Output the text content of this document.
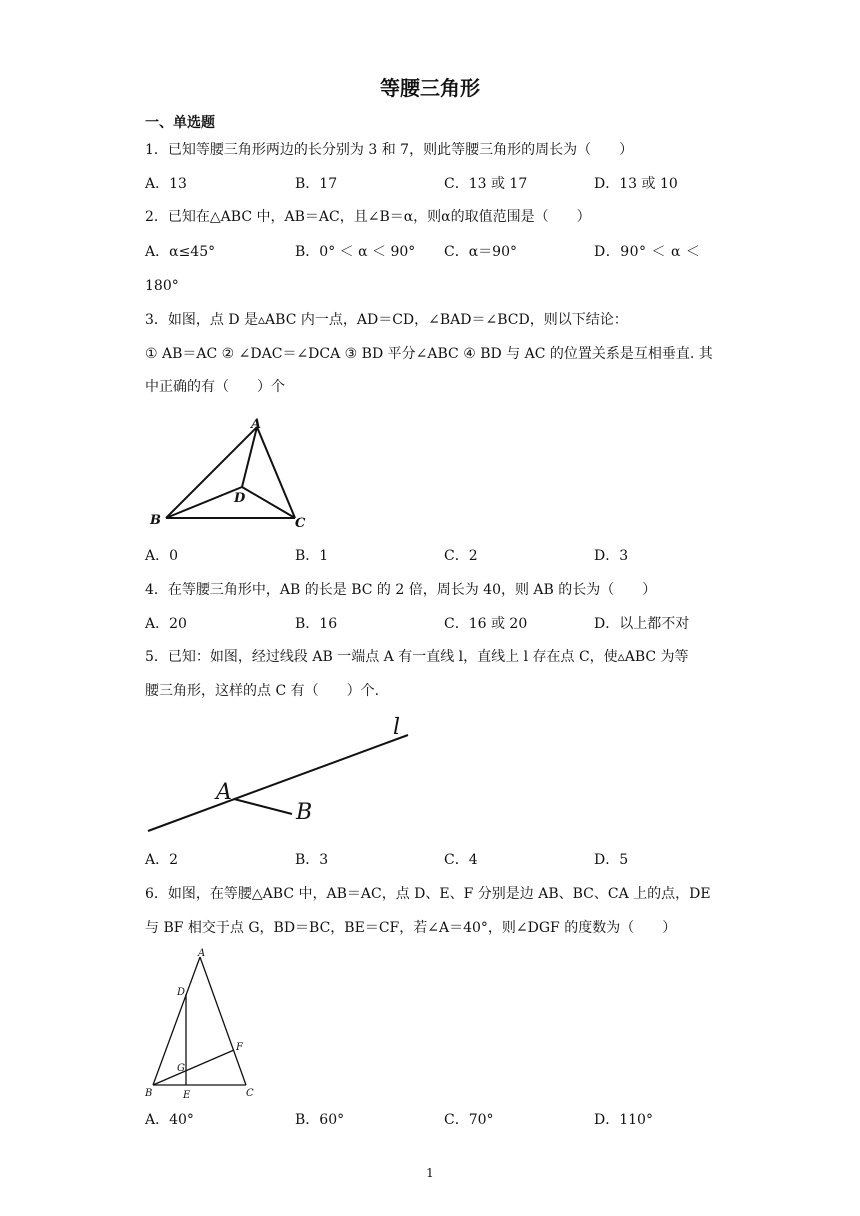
等腰三角形
一、单选题
1．已知等腰三角形两边的长分别为 3 和 7，则此等腰三角形的周长为（　　）
A．13	B．17	C．13 或 17	D．13 或 10
2．已知在△ABC 中，AB＝AC，且∠B＝α，则α的取值范围是（　　）
A．α≤45°	B．0° ＜ α ＜ 90° C．α＝90°	D．90° ＜ α ＜
180°
3．如图，点 D 是▵ABC 内一点，AD＝CD，∠BAD＝∠BCD，则以下结论：
① AB＝AC ② ∠DAC＝∠DCA ③ BD 平分∠ABC ④ BD 与 AC 的位置关系是互相垂直. 其
中正确的有（　　）个
A
B	C
D
A．0	B．1	C．2	D．3
4．在等腰三角形中，AB 的长是 BC 的 2 倍，周长为 40，则 AB 的长为（　　）
A．20	B．16	C．16 或 20	D．以上都不对
5．已知：如图，经过线段 AB 一端点 A 有一直线 l，直线上 l 存在点 C，使▵ABC 为等
腰三角形，这样的点 C 有（　　）个.
l
A
B
A．2	B．3	C．4	D．5
6．如图，在等腰△ABC 中，AB＝AC，点 D、E、F 分别是边 AB、BC、CA 上的点，DE
与 BF 相交于点 G，BD＝BC，BE＝CF，若∠A＝40°，则∠DGF 的度数为（　　）
A
D
F
G
B	E	C
A．40°	B．60°	C．70°	D．110°
1
